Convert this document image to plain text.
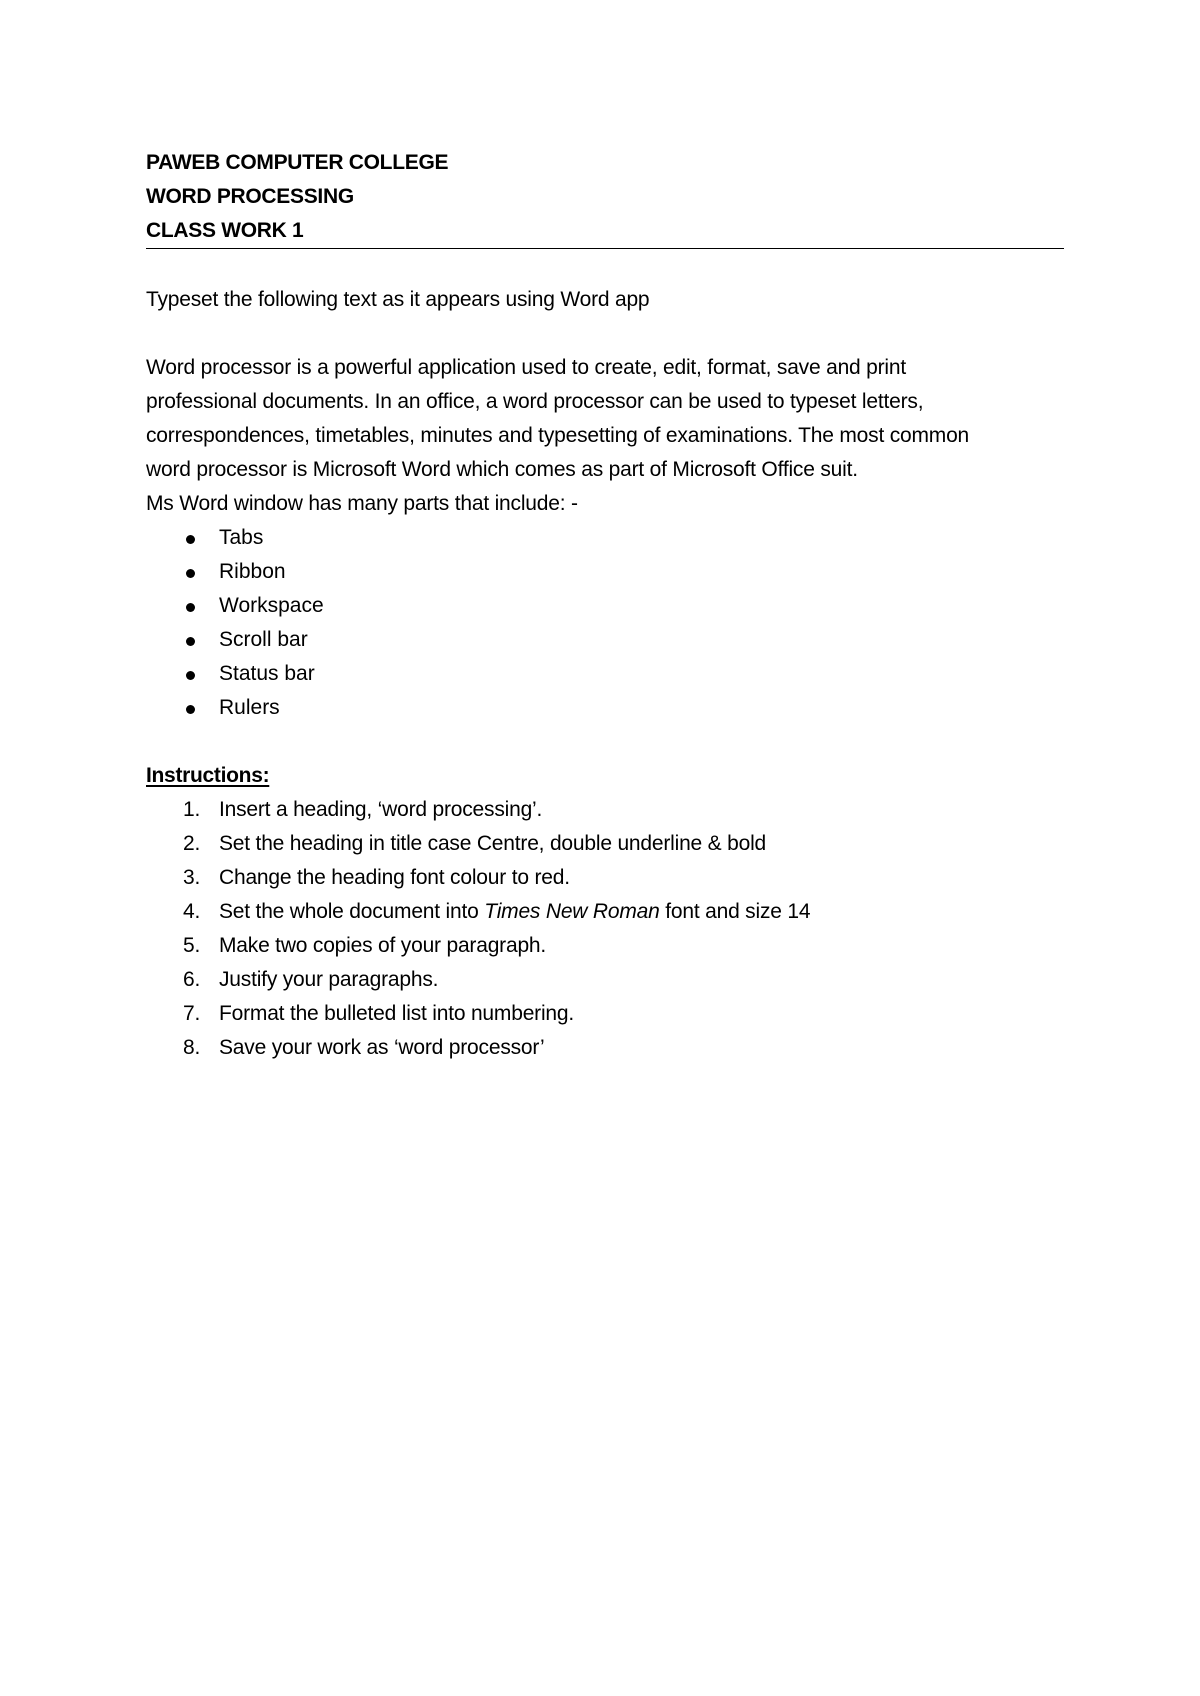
PAWEB COMPUTER COLLEGE
WORD PROCESSING
CLASS WORK 1
Typeset the following text as it appears using Word app
Word processor is a powerful application used to create, edit, format, save and print
professional documents. In an office, a word processor can be used to typeset letters,
correspondences, timetables, minutes and typesetting of examinations. The most common
word processor is Microsoft Word which comes as part of Microsoft Office suit.
Ms Word window has many parts that include: -
Tabs
Ribbon
Workspace
Scroll bar
Status bar
Rulers
Instructions:
1. Insert a heading, ‘word processing’.
2. Set the heading in title case Centre, double underline & bold
3. Change the heading font colour to red.
4. Set the whole document into Times New Roman font and size 14
5. Make two copies of your paragraph.
6. Justify your paragraphs.
7. Format the bulleted list into numbering.
8. Save your work as ‘word processor’
